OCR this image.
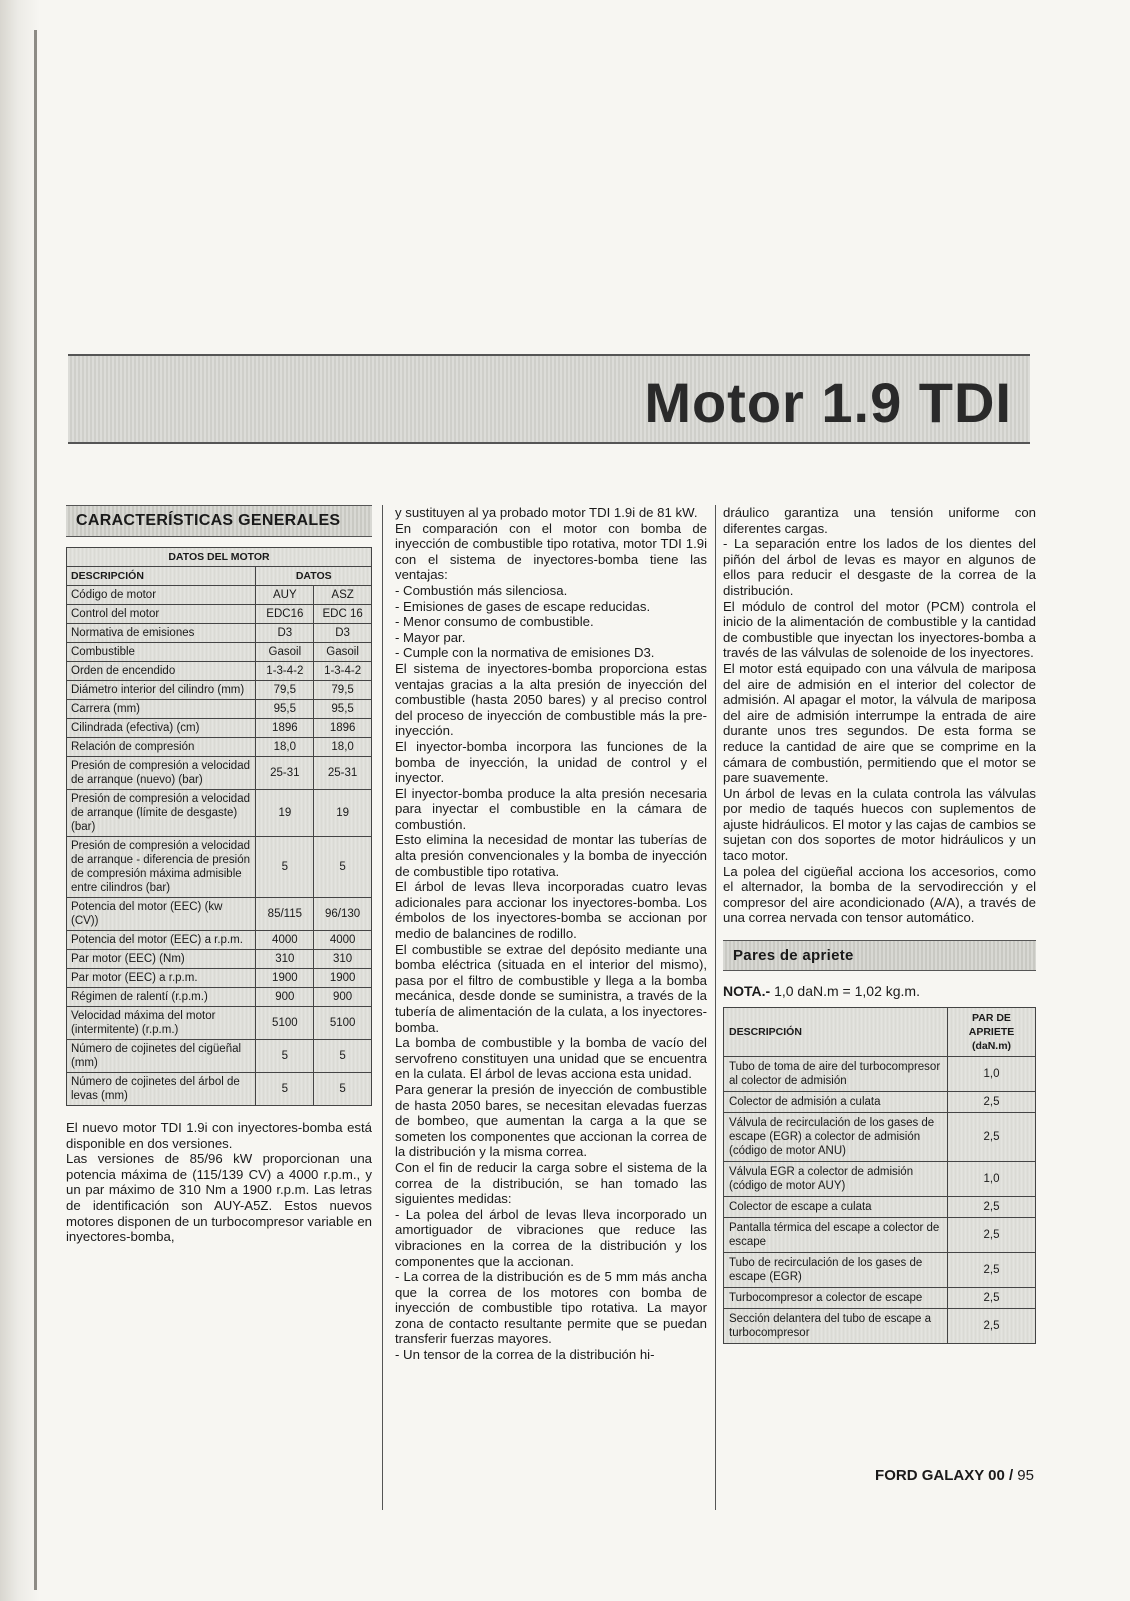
Motor 1.9 TDI
CARACTERÍSTICAS GENERALES
DATOS DEL MOTOR		
DESCRIPCIÓN	DATOS	
Código de motor	AUY	ASZ
Control del motor	EDC16	EDC 16
Normativa de emisiones	D3	D3
Combustible	Gasoil	Gasoil
Orden de encendido	1-3-4-2	1-3-4-2
Diámetro interior del cilindro (mm)	79,5	79,5
Carrera (mm)	95,5	95,5
Cilindrada (efectiva) (cm)	1896	1896
Relación de compresión	18,0	18,0
Presión de compresión a velocidad de arranque (nuevo) (bar)	25-31	25-31
Presión de compresión a velocidad de arranque (límite de desgaste) (bar)	19	19
Presión de compresión a velocidad de arranque - diferencia de presión de compresión máxima admisible entre cilindros (bar)	5	5
Potencia del motor (EEC) (kw (CV))	85/115	96/130
Potencia del motor (EEC) a r.p.m.	4000	4000
Par motor (EEC) (Nm)	310	310
Par motor (EEC) a r.p.m.	1900	1900
Régimen de ralentí (r.p.m.)	900	900
Velocidad máxima del motor (intermitente) (r.p.m.)	5100	5100
Número de cojinetes del cigüeñal (mm)	5	5
Número de cojinetes del árbol de levas (mm)	5	5

El nuevo motor TDI 1.9i con inyectores-bomba está disponible en dos versiones.

Las versiones de 85/96 kW proporcionan una potencia máxima de (115/139 CV) a 4000 r.p.m., y un par máximo de 310 Nm a 1900 r.p.m. Las letras de identificación son AUY-A5Z. Estos nuevos motores disponen de un turbocompresor variable en inyectores-bomba,

y sustituyen al ya probado motor TDI 1.9i de 81 kW.

En comparación con el motor con bomba de inyección de combustible tipo rotativa, motor TDI 1.9i con el sistema de inyectores-bomba tiene las ventajas:

- Combustión más silenciosa.

- Emisiones de gases de escape reducidas.

- Menor consumo de combustible.

- Mayor par.

- Cumple con la normativa de emisiones D3.

El sistema de inyectores-bomba proporciona estas ventajas gracias a la alta presión de inyección del combustible (hasta 2050 bares) y al preciso control del proceso de inyección de combustible más la pre-inyección.

El inyector-bomba incorpora las funciones de la bomba de inyección, la unidad de control y el inyector.

El inyector-bomba produce la alta presión necesaria para inyectar el combustible en la cámara de combustión.

Esto elimina la necesidad de montar las tuberías de alta presión convencionales y la bomba de inyección de combustible tipo rotativa.

El árbol de levas lleva incorporadas cuatro levas adicionales para accionar los inyectores-bomba. Los émbolos de los inyectores-bomba se accionan por medio de balancines de rodillo.

El combustible se extrae del depósito mediante una bomba eléctrica (situada en el interior del mismo), pasa por el filtro de combustible y llega a la bomba mecánica, desde donde se suministra, a través de la tubería de alimentación de la culata, a los inyectores-bomba.

La bomba de combustible y la bomba de vacío del servofreno constituyen una unidad que se encuentra en la culata. El árbol de levas acciona esta unidad.

Para generar la presión de inyección de combustible de hasta 2050 bares, se necesitan elevadas fuerzas de bombeo, que aumentan la carga a la que se someten los componentes que accionan la correa de la distribución y la misma correa.

Con el fin de reducir la carga sobre el sistema de la correa de la distribución, se han tomado las siguientes medidas:

- La polea del árbol de levas lleva incorporado un amortiguador de vibraciones que reduce las vibraciones en la correa de la distribución y los componentes que la accionan.

- La correa de la distribución es de 5 mm más ancha que la correa de los motores con bomba de inyección de combustible tipo rotativa. La mayor zona de contacto resultante permite que se puedan transferir fuerzas mayores.

- Un tensor de la correa de la distribución hi-

dráulico garantiza una tensión uniforme con diferentes cargas.

- La separación entre los lados de los dientes del piñón del árbol de levas es mayor en algunos de ellos para reducir el desgaste de la correa de la distribución.

El módulo de control del motor (PCM) controla el inicio de la alimentación de combustible y la cantidad de combustible que inyectan los inyectores-bomba a través de las válvulas de solenoide de los inyectores.

El motor está equipado con una válvula de mariposa del aire de admisión en el interior del colector de admisión. Al apagar el motor, la válvula de mariposa del aire de admisión interrumpe la entrada de aire durante unos tres segundos. De esta forma se reduce la cantidad de aire que se comprime en la cámara de combustión, permitiendo que el motor se pare suavemente.

Un árbol de levas en la culata controla las válvulas por medio de taqués huecos con suplementos de ajuste hidráulicos. El motor y las cajas de cambios se sujetan con dos soportes de motor hidráulicos y un taco motor.

La polea del cigüeñal acciona los accesorios, como el alternador, la bomba de la servodirección y el compresor del aire acondicionado (A/A), a través de una correa nervada con tensor automático.

Pares de apriete
NOTA.- 1,0 daN.m = 1,02 kg.m.
DESCRIPCIÓN	PAR DE APRIETE (daN.m)
Tubo de toma de aire del turbocompresor al colector de admisión	1,0
Colector de admisión a culata	2,5
Válvula de recirculación de los gases de escape (EGR) a colector de admisión (código de motor ANU)	2,5
Válvula EGR a colector de admisión (código de motor AUY)	1,0
Colector de escape a culata	2,5
Pantalla térmica del escape a colector de escape	2,5
Tubo de recirculación de los gases de escape (EGR)	2,5
Turbocompresor a colector de escape	2,5
Sección delantera del tubo de escape a turbocompresor	2,5
FORD GALAXY 00 / 95
